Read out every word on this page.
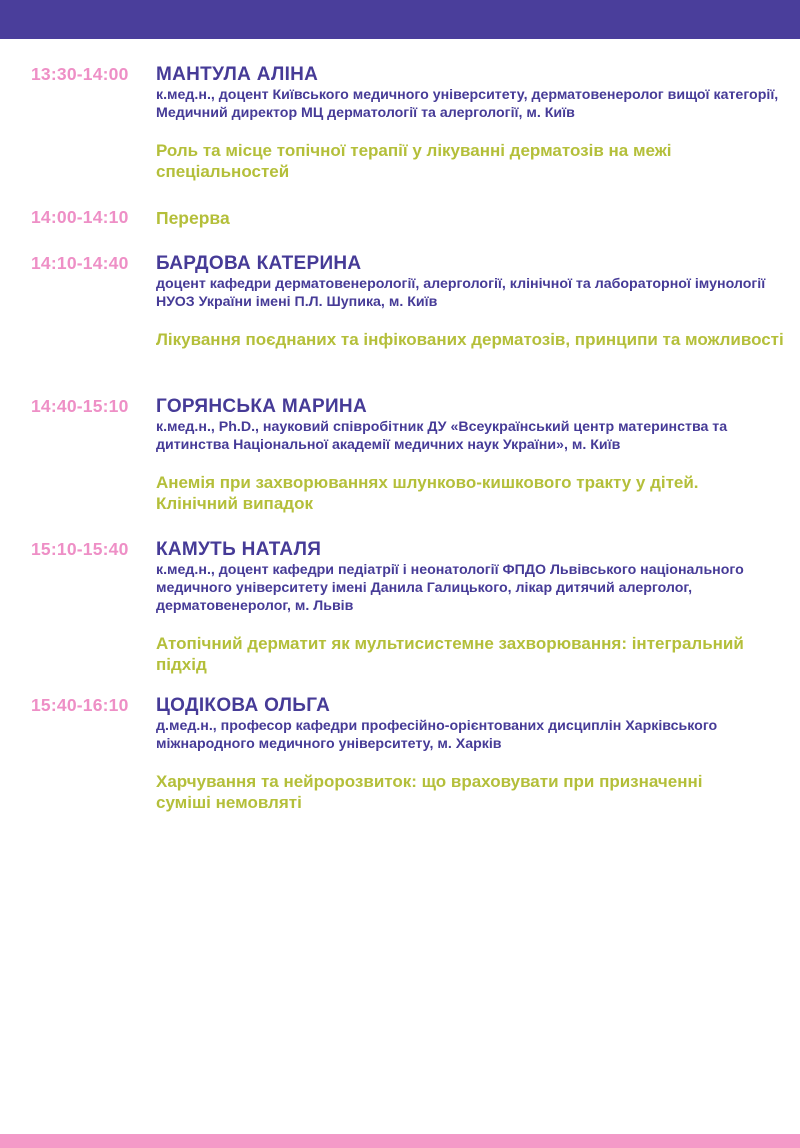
13:30-14:00 МАНТУЛА АЛІНА
к.мед.н., доцент Київського медичного університету, дерматовенеролог вищої категорії, Медичний директор МЦ дерматології та алергології, м. Київ
Роль та місце топічної терапії у лікуванні дерматозів на межі спеціальностей
14:00-14:10 Перерва
14:10-14:40 БАРДОВА КАТЕРИНА
доцент кафедри дерматовенерології, алергології, клінічної та лабораторної імунології НУОЗ України імені П.Л. Шупика, м. Київ
Лікування поєднаних та інфікованих дерматозів, принципи та можливості
14:40-15:10 ГОРЯНСЬКА МАРИНА
к.мед.н., Ph.D., науковий співробітник ДУ «Всеукраїнський центр материнства та дитинства Національної академії медичних наук України», м. Київ
Анемія при захворюваннях шлунково-кишкового тракту у дітей. Клінічний випадок
15:10-15:40 КАМУТЬ НАТАЛЯ
к.мед.н., доцент кафедри педіатрії і неонатології ФПДО Львівського національного медичного університету імені Данила Галицького, лікар дитячий алерголог, дерматовенеролог, м. Львів
Атопічний дерматит як мультисистемне захворювання: інтегральний підхід
15:40-16:10 ЦОДІКОВА ОЛЬГА
д.мед.н., професор кафедри професійно-орієнтованих дисциплін Харківського міжнародного медичного університету, м. Харків
Харчування та нейророзвиток: що враховувати при призначенні суміші немовляті
